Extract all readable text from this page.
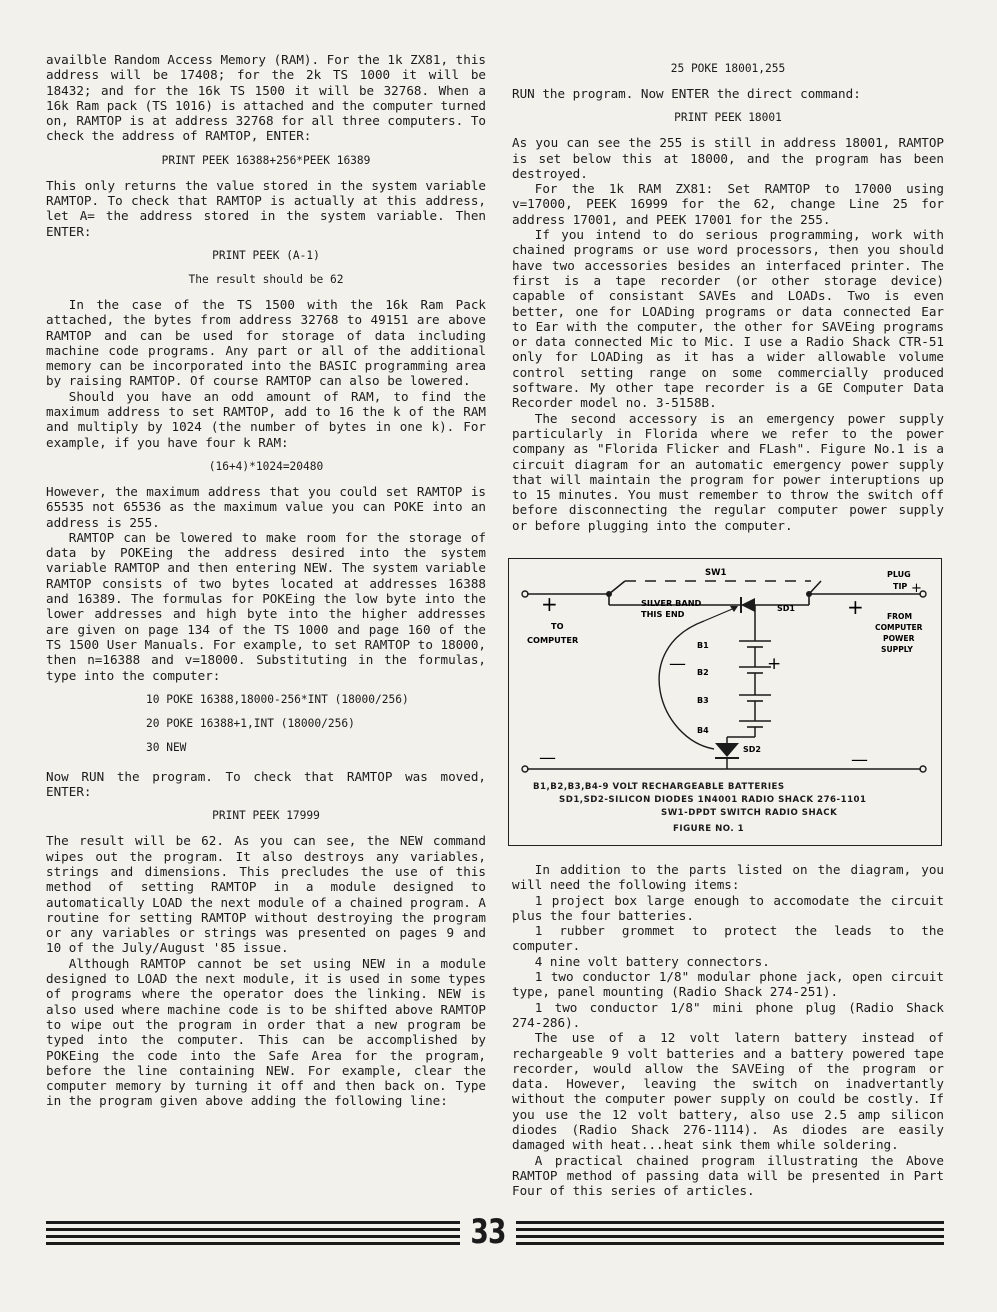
availble Random Access Memory (RAM). For the 1k ZX81, this address will be 17408; for the 2k TS 1000 it will be 18432; and for the 16k TS 1500 it will be 32768. When a 16k Ram pack (TS 1016) is attached and the computer turned on, RAMTOP is at address 32768 for all three computers. To check the address of RAMTOP, ENTER:

PRINT PEEK 16388+256*PEEK 16389

This only returns the value stored in the system variable RAMTOP. To check that RAMTOP is actually at this address, let A= the address stored in the system variable. Then ENTER:

PRINT PEEK (A-1)
The result should be 62

In the case of the TS 1500 with the 16k Ram Pack attached, the bytes from address 32768 to 49151 are above RAMTOP and can be used for storage of data including machine code programs. Any part or all of the additional memory can be incorporated into the BASIC programming area by raising RAMTOP. Of course RAMTOP can also be lowered.

Should you have an odd amount of RAM, to find the maximum address to set RAMTOP, add to 16 the k of the RAM and multiply by 1024 (the number of bytes in one k). For example, if you have four k RAM:

(16+4)*1024=20480

However, the maximum address that you could set RAMTOP is 65535 not 65536 as the maximum value you can POKE into an address is 255.

RAMTOP can be lowered to make room for the storage of data by POKEing the address desired into the system variable RAMTOP and then entering NEW. The system variable RAMTOP consists of two bytes located at addresses 16388 and 16389. The formulas for POKEing the low byte into the lower addresses and high byte into the higher addresses are given on page 134 of the TS 1000 and page 160 of the TS 1500 User Manuals. For example, to set RAMTOP to 18000, then n=16388 and v=18000. Substituting in the formulas, type into the computer:

10 POKE 16388,18000-256*INT (18000/256)
20 POKE 16388+1,INT (18000/256)
30 NEW

Now RUN the program. To check that RAMTOP was moved, ENTER:

PRINT PEEK 17999

The result will be 62. As you can see, the NEW command wipes out the program. It also destroys any variables, strings and dimensions. This precludes the use of this method of setting RAMTOP in a module designed to automatically LOAD the next module of a chained program. A routine for setting RAMTOP without destroying the program or any variables or strings was presented on pages 9 and 10 of the July/August '85 issue.

Although RAMTOP cannot be set using NEW in a module designed to LOAD the next module, it is used in some types of programs where the operator does the linking. NEW is also used where machine code is to be shifted above RAMTOP to wipe out the program in order that a new program be typed into the computer. This can be accomplished by POKEing the code into the Safe Area for the program, before the line containing NEW. For example, clear the computer memory by turning it off and then back on. Type in the program given above adding the following line:

25 POKE 18001,255

RUN the program. Now ENTER the direct command:

PRINT PEEK 18001

As you can see the 255 is still in address 18001, RAMTOP is set below this at 18000, and the program has been destroyed.

For the 1k RAM ZX81: Set RAMTOP to 17000 using v=17000, PEEK 16999 for the 62, change Line 25 for address 17001, and PEEK 17001 for the 255.

If you intend to do serious programming, work with chained programs or use word processors, then you should have two accessories besides an interfaced printer. The first is a tape recorder (or other storage device) capable of consistant SAVEs and LOADs. Two is even better, one for LOADing programs or data connected Ear to Ear with the computer, the other for SAVEing programs or data connected Mic to Mic. I use a Radio Shack CTR-51 only for LOADing as it has a wider allowable volume control setting range on some commercially produced software. My other tape recorder is a GE Computer Data Recorder model no. 3-5158B.

The second accessory is an emergency power supply particularly in Florida where we refer to the power company as "Florida Flicker and FLash". Figure No.1 is a circuit diagram for an automatic emergency power supply that will maintain the program for power interuptions up to 15 minutes. You must remember to throw the switch off before disconnecting the regular computer power supply or before plugging into the computer.

SW1	PLUG
TIP +
+	+
SILVER BAND
THIS END
SD1
TO
COMPUTER
FROM
COMPUTER
POWER
SUPPLY
B1
B2
B3
B4
+
—
SD2
—	—
B1,B2,B3,B4-9 VOLT RECHARGEABLE BATTERIES
SD1,SD2-SILICON DIODES 1N4001 RADIO SHACK 276-1101
SW1-DPDT SWITCH RADIO SHACK
FIGURE NO. 1

In addition to the parts listed on the diagram, you will need the following items:

1 project box large enough to accomodate the circuit plus the four batteries.

1 rubber grommet to protect the leads to the computer.

4 nine volt battery connectors.

1 two conductor 1/8" modular phone jack, open circuit type, panel mounting (Radio Shack 274-251).

1 two conductor 1/8" mini phone plug (Radio Shack 274-286).

The use of a 12 volt latern battery instead of rechargeable 9 volt batteries and a battery powered tape recorder, would allow the SAVEing of the program or data. However, leaving the switch on inadvertantly without the computer power supply on could be costly. If you use the 12 volt battery, also use 2.5 amp silicon diodes (Radio Shack 276-1114). As diodes are easily damaged with heat...heat sink them while soldering.

A practical chained program illustrating the Above RAMTOP method of passing data will be presented in Part Four of this series of articles.

33
